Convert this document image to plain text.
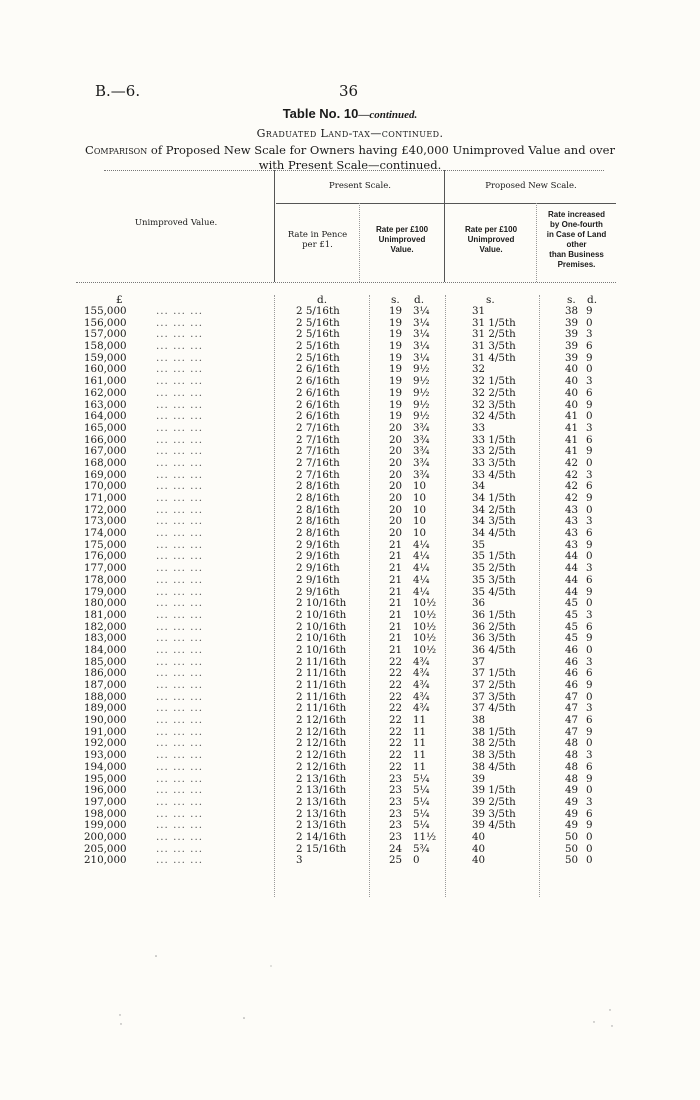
B.—6.	36
Table No. 10—continued.
Graduated Land-tax—continued.
Comparison of Proposed New Scale for Owners having £40,000 Unimproved Value and over
with Present Scale—continued.
Unimproved Value.
Present Scale.	Proposed New Scale.
Rate in Pence
per £1.
Rate per £100
Unimproved
Value.
Rate per £100
Unimproved
Value.
Rate increased
by One-fourth
in Case of Land
other
than Business
Premises.
£	d.	s. d.	s.	s. d.
... ... ...
155,000	2 5/16th	19 3¼	31	38 9
... ... ...
156,000	2 5/16th	19 3¼	31 1/5th	39 0
... ... ...
157,000	2 5/16th	19 3¼	31 2/5th	39 3
... ... ...
158,000	2 5/16th	19 3¼	31 3/5th	39 6
... ... ...
159,000	2 5/16th	19 3¼	31 4/5th	39 9
... ... ...
160,000	2 6/16th	19 9½	32	40 0
... ... ...
161,000	2 6/16th	19 9½	32 1/5th	40 3
... ... ...
162,000	2 6/16th	19 9½	32 2/5th	40 6
... ... ...
163,000	2 6/16th	19 9½	32 3/5th	40 9
... ... ...
164,000	2 6/16th	19 9½	32 4/5th	41 0
... ... ...
165,000	2 7/16th	20 3¾	33	41 3
... ... ...
166,000	2 7/16th	20 3¾	33 1/5th	41 6
... ... ...
167,000	2 7/16th	20 3¾	33 2/5th	41 9
... ... ...
168,000	2 7/16th	20 3¾	33 3/5th	42 0
... ... ...
169,000	2 7/16th	20 3¾	33 4/5th	42 3
... ... ...
170,000	2 8/16th	20 10	34	42 6
... ... ...
171,000	2 8/16th	20 10	34 1/5th	42 9
... ... ...
172,000	2 8/16th	20 10	34 2/5th	43 0
... ... ...
173,000	2 8/16th	20 10	34 3/5th	43 3
... ... ...
174,000	2 8/16th	20 10	34 4/5th	43 6
... ... ...
175,000	2 9/16th	21 4¼	35	43 9
... ... ...
176,000	2 9/16th	21 4¼	35 1/5th	44 0
... ... ...
177,000	2 9/16th	21 4¼	35 2/5th	44 3
... ... ...
178,000	2 9/16th	21 4¼	35 3/5th	44 6
... ... ...
179,000	2 9/16th	21 4¼	35 4/5th	44 9
... ... ...
180,000	2 10/16th	21 10½	36	45 0
... ... ...
181,000	2 10/16th	21 10½	36 1/5th	45 3
... ... ...
182,000	2 10/16th	21 10½	36 2/5th	45 6
... ... ...
183,000	2 10/16th	21 10½	36 3/5th	45 9
... ... ...
184,000	2 10/16th	21 10½	36 4/5th	46 0
... ... ...
185,000	2 11/16th	22 4¾	37	46 3
... ... ...
186,000	2 11/16th	22 4¾	37 1/5th	46 6
... ... ...
187,000	2 11/16th	22 4¾	37 2/5th	46 9
... ... ...
188,000	2 11/16th	22 4¾	37 3/5th	47 0
... ... ...
189,000	2 11/16th	22 4¾	37 4/5th	47 3
... ... ...
190,000	2 12/16th	22 11	38	47 6
... ... ...
191,000	2 12/16th	22 11	38 1/5th	47 9
... ... ...
192,000	2 12/16th	22 11	38 2/5th	48 0
... ... ...
193,000	2 12/16th	22 11	38 3/5th	48 3
... ... ...
194,000	2 12/16th	22 11	38 4/5th	48 6
... ... ...
195,000	2 13/16th	23 5¼	39	48 9
... ... ...
196,000	2 13/16th	23 5¼	39 1/5th	49 0
... ... ...
197,000	2 13/16th	23 5¼	39 2/5th	49 3
... ... ...
198,000	2 13/16th	23 5¼	39 3/5th	49 6
... ... ...
199,000	2 13/16th	23 5¼	39 4/5th	49 9
... ... ...
200,000	2 14/16th	23 11½	40	50 0
... ... ...
205,000	2 15/16th	24 5¾	40	50 0
... ... ...
210,000	3	25 0	40	50 0
